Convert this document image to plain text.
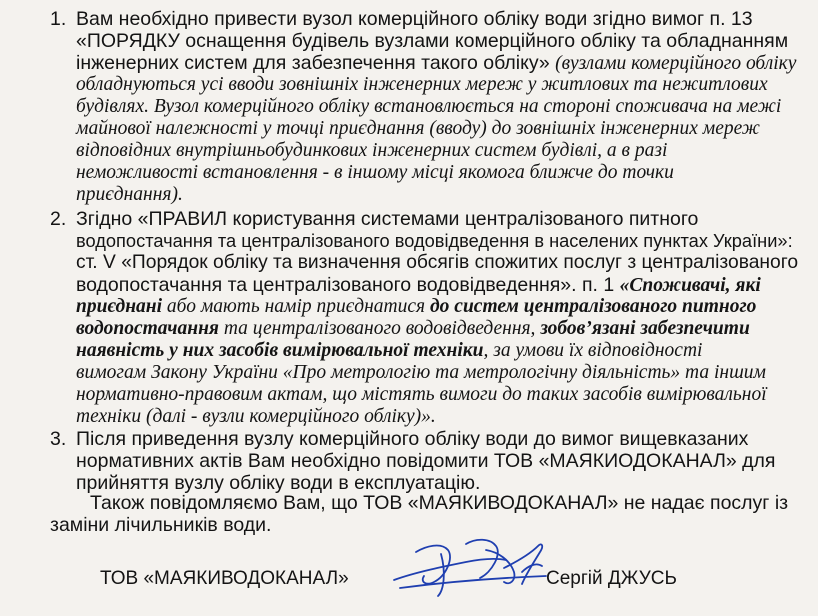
1. Вам необхідно привести вузол комерційного обліку води згідно вимог п. 13
«ПОРЯДКУ оснащення будівель вузлами комерційного обліку та обладнанням
інженерних систем для забезпечення такого обліку» (вузлами комерційного обліку
обладнуються усі вводи зовнішніх інженерних мереж у житлових та нежитлових
будівлях. Вузол комерційного обліку встановлюється на стороні споживача на межі
майнової належності у точці приєднання (вводу) до зовнішніх інженерних мереж
відповідних внутрішньобудинкових інженерних систем будівлі, а в разі
неможливості встановлення - в іншому місці якомога ближче до точки
приєднання).
2. Згідно «ПРАВИЛ користування системами централізованого питного
водопостачання та централізованого водовідведення в населених пунктах України»:
ст. V «Порядок обліку та визначення обсягів спожитих послуг з централізованого
водопостачання та централізованого водовідведення». п. 1 «Споживачі, які
приєднані або мають намір приєднатися до систем централізованого питного
водопостачання та централізованого водовідведення, зобов’язані забезпечити
наявність у них засобів вимірювальної техніки, за умови їх відповідності
вимогам Закону України «Про метрологію та метрологічну діяльність» та іншим
нормативно-правовим актам, що містять вимоги до таких засобів вимірювальної
техніки (далі - вузли комерційного обліку)».
3. Після приведення вузлу комерційного обліку води до вимог вищевказаних
нормативних актів Вам необхідно повідомити ТОВ «МАЯКИОДОКАНАЛ» для
прийняття вузлу обліку води в експлуатацію.
Також повідомляємо Вам, що ТОВ «МАЯКИВОДОКАНАЛ» не надає послуг із
заміни лічильників води.
ТОВ «МАЯКИВОДОКАНАЛ»	Сергій ДЖУСЬ
